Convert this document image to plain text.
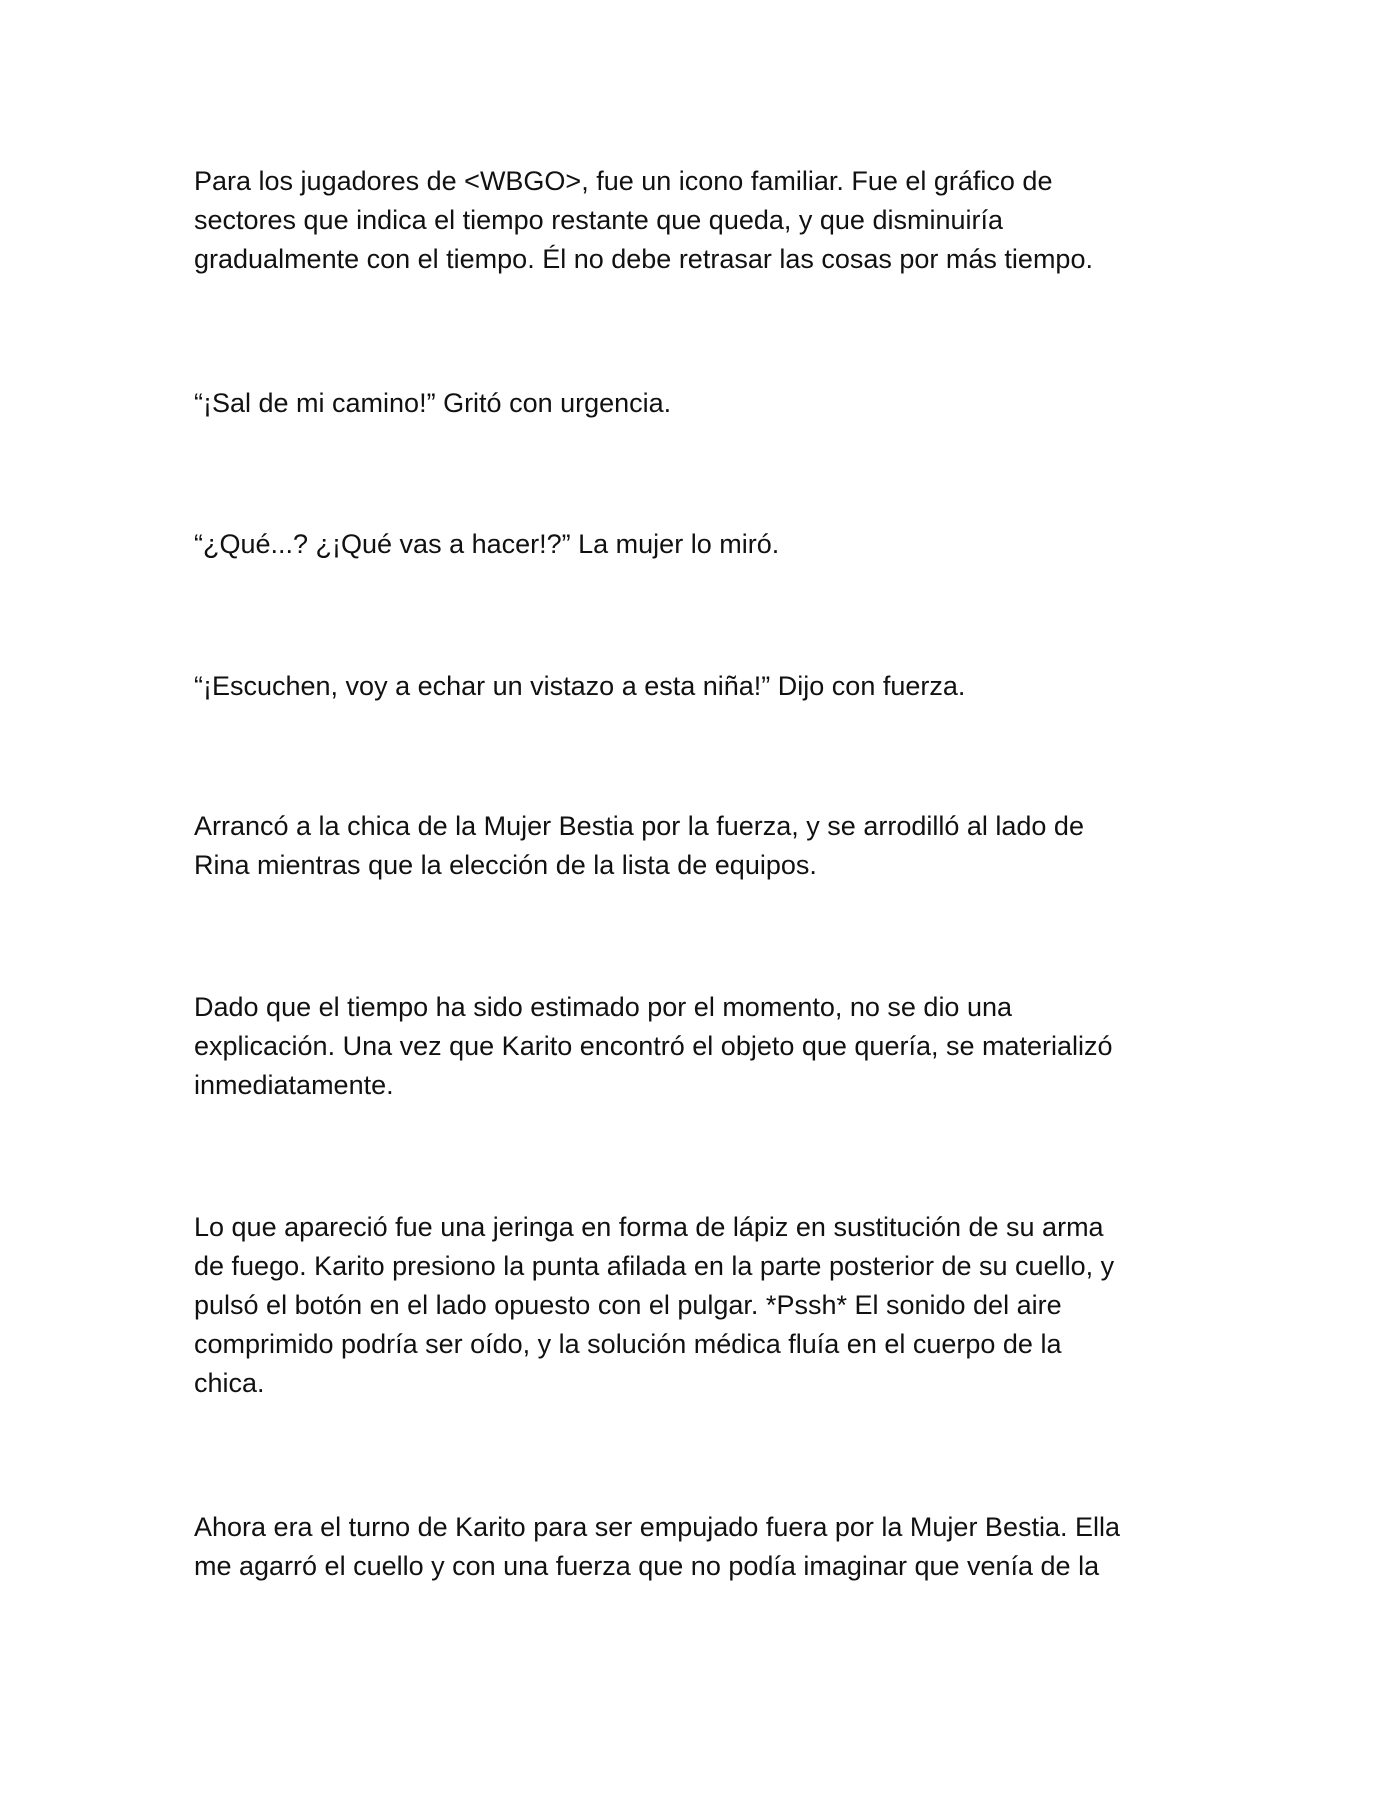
Para los jugadores de <WBGO>, fue un icono familiar. Fue el gráfico de
sectores que indica el tiempo restante que queda, y que disminuiría
gradualmente con el tiempo. Él no debe retrasar las cosas por más tiempo.

“¡Sal de mi camino!” Gritó con urgencia.

“¿Qué...? ¿¡Qué vas a hacer!?” La mujer lo miró.

“¡Escuchen, voy a echar un vistazo a esta niña!” Dijo con fuerza.

Arrancó a la chica de la Mujer Bestia por la fuerza, y se arrodilló al lado de
Rina mientras que la elección de la lista de equipos.

Dado que el tiempo ha sido estimado por el momento, no se dio una
explicación. Una vez que Karito encontró el objeto que quería, se materializó
inmediatamente.

Lo que apareció fue una jeringa en forma de lápiz en sustitución de su arma
de fuego. Karito presiono la punta afilada en la parte posterior de su cuello, y
pulsó el botón en el lado opuesto con el pulgar. *Pssh* El sonido del aire
comprimido podría ser oído, y la solución médica fluía en el cuerpo de la
chica.

Ahora era el turno de Karito para ser empujado fuera por la Mujer Bestia. Ella
me agarró el cuello y con una fuerza que no podía imaginar que venía de la
